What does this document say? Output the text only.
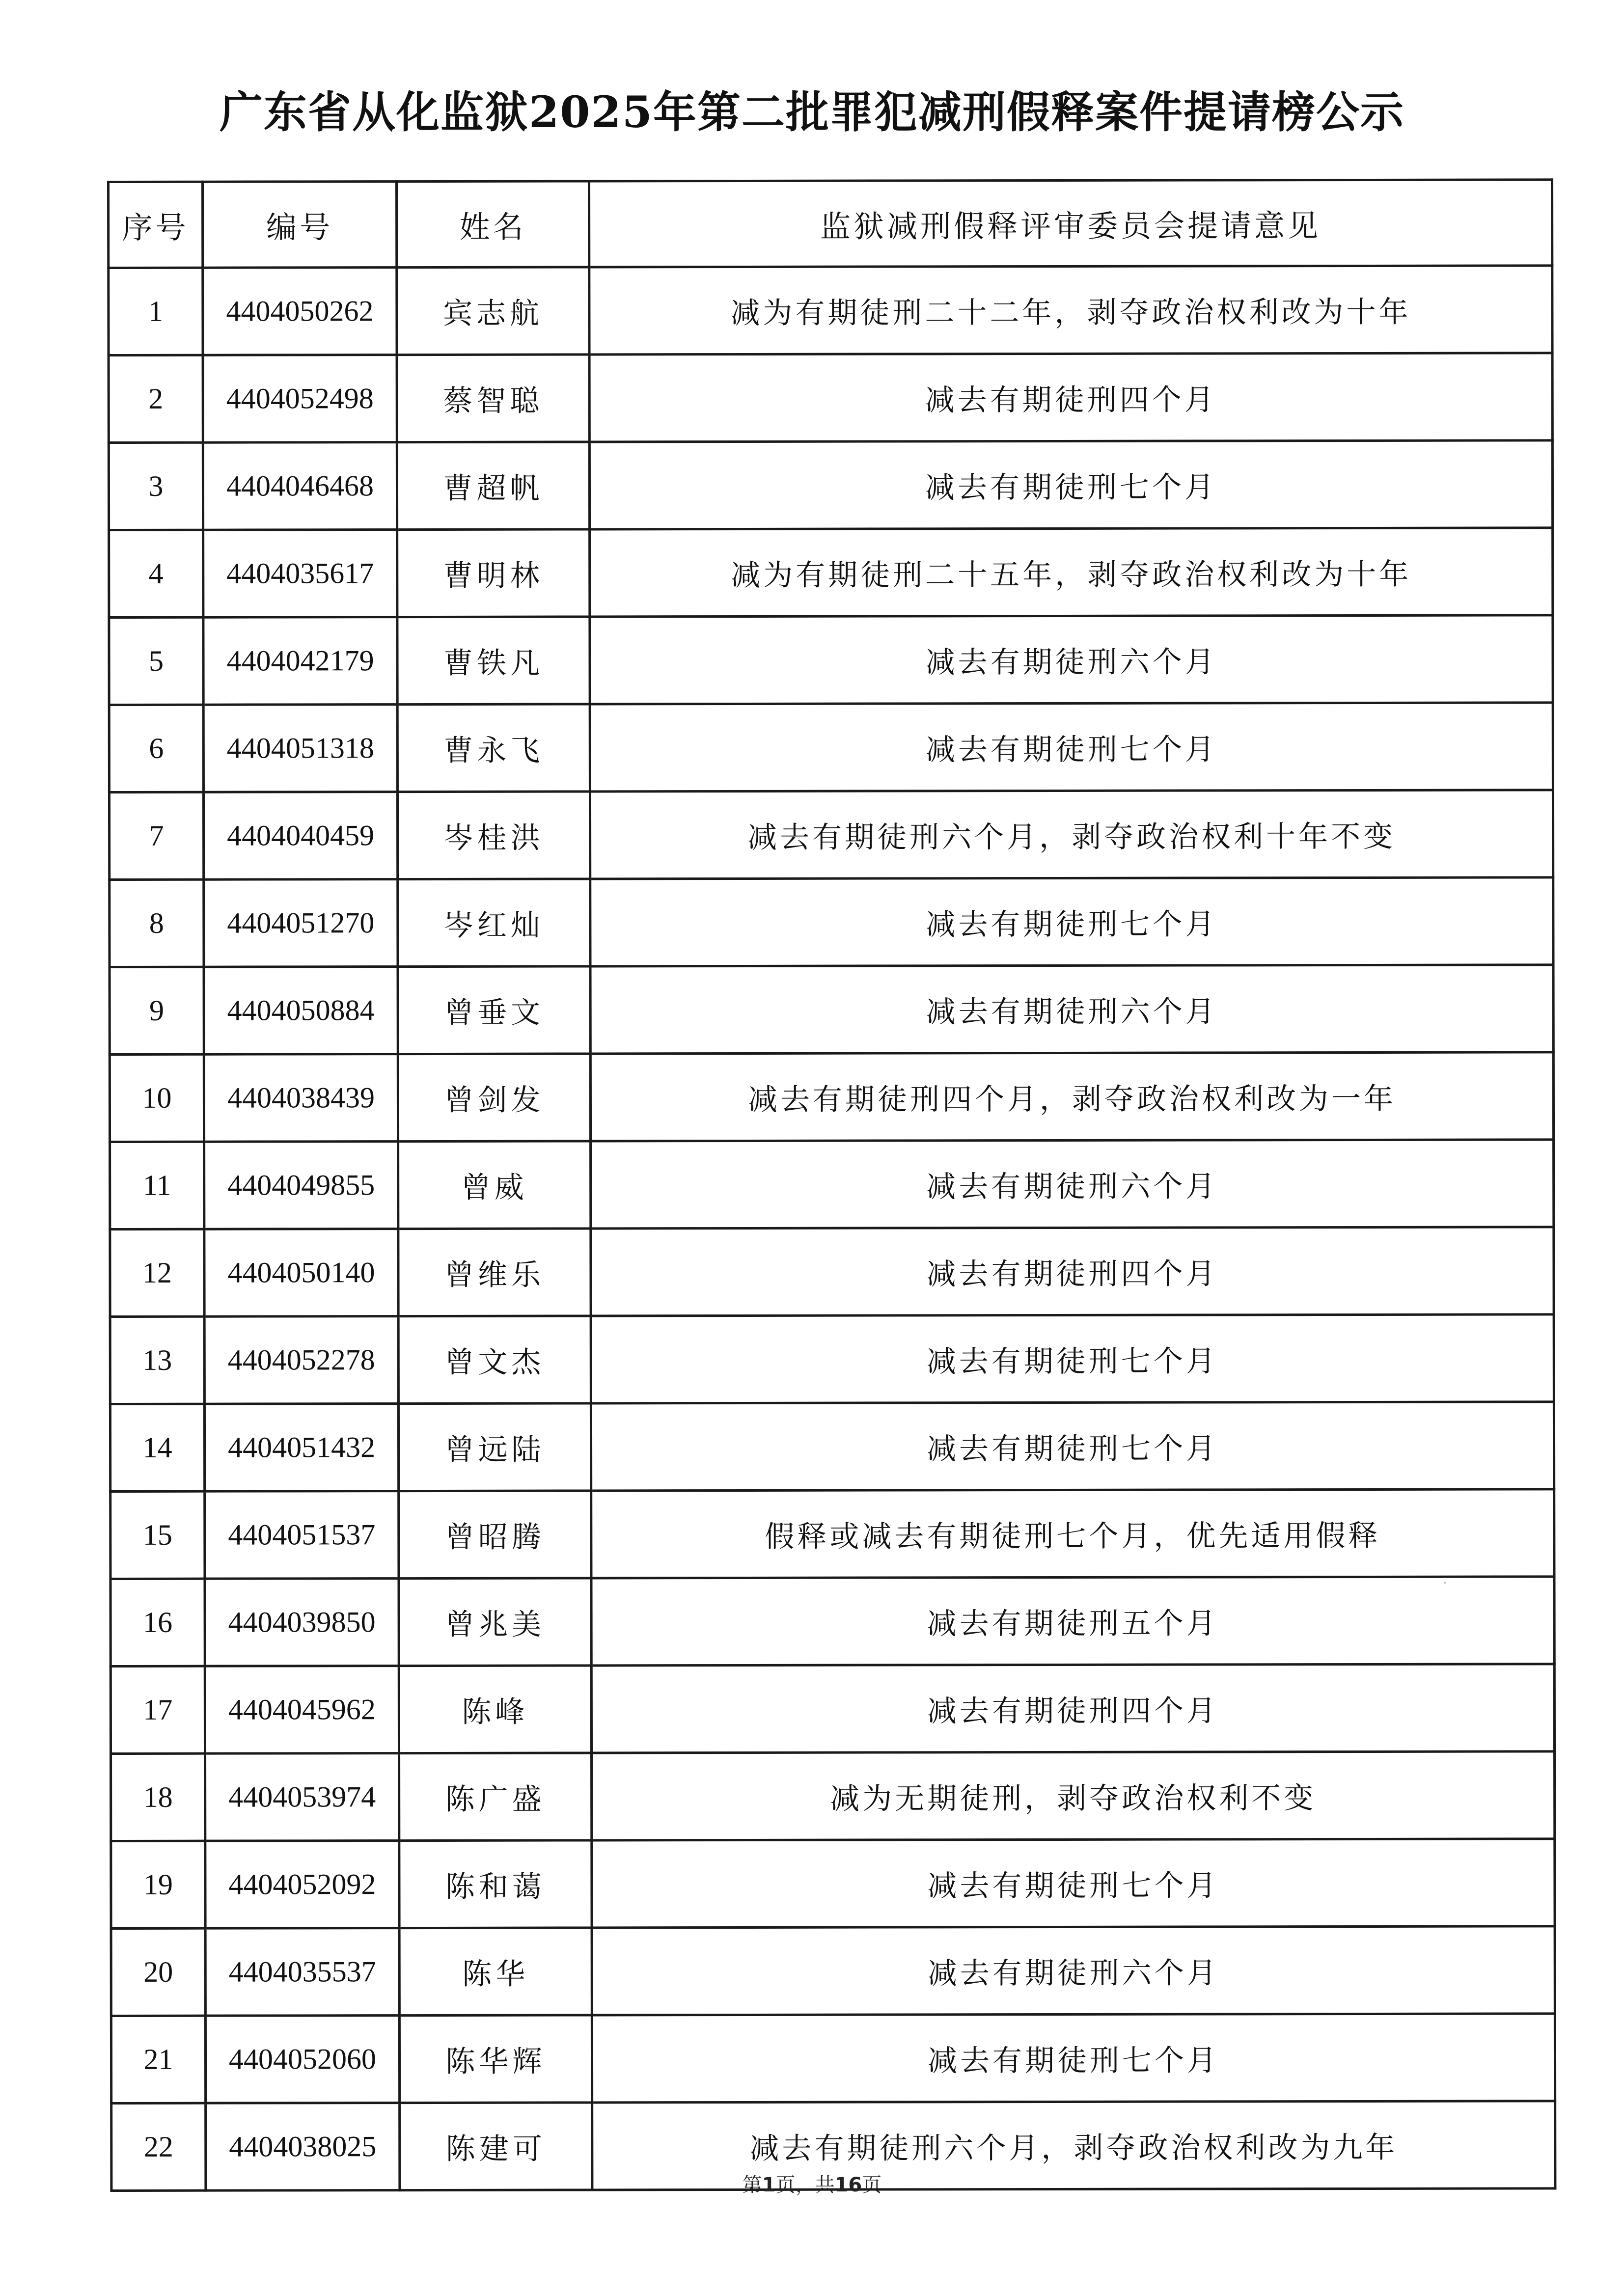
广东省从化监狱2025年第二批罪犯减刑假释案件提请榜公示
序号	编号	姓名	监狱减刑假释评审委员会提请意见
1	4404050262	宾志航	减为有期徒刑二十二年，剥夺政治权利改为十年
2	4404052498	蔡智聪	减去有期徒刑四个月
3	4404046468	曹超帆	减去有期徒刑七个月
4	4404035617	曹明林	减为有期徒刑二十五年，剥夺政治权利改为十年
5	4404042179	曹铁凡	减去有期徒刑六个月
6	4404051318	曹永飞	减去有期徒刑七个月
7	4404040459	岑桂洪	减去有期徒刑六个月，剥夺政治权利十年不变
8	4404051270	岑红灿	减去有期徒刑七个月
9	4404050884	曾垂文	减去有期徒刑六个月
10	4404038439	曾剑发	减去有期徒刑四个月，剥夺政治权利改为一年
11	4404049855	曾威	减去有期徒刑六个月
12	4404050140	曾维乐	减去有期徒刑四个月
13	4404052278	曾文杰	减去有期徒刑七个月
14	4404051432	曾远陆	减去有期徒刑七个月
15	4404051537	曾昭腾	假释或减去有期徒刑七个月，优先适用假释
16	4404039850	曾兆美	减去有期徒刑五个月
17	4404045962	陈峰	减去有期徒刑四个月
18	4404053974	陈广盛	减为无期徒刑，剥夺政治权利不变
19	4404052092	陈和蔼	减去有期徒刑七个月
20	4404035537	陈华	减去有期徒刑六个月
21	4404052060	陈华辉	减去有期徒刑七个月
22	4404038025	陈建可	减去有期徒刑六个月，剥夺政治权利改为九年
第1页，共16页
